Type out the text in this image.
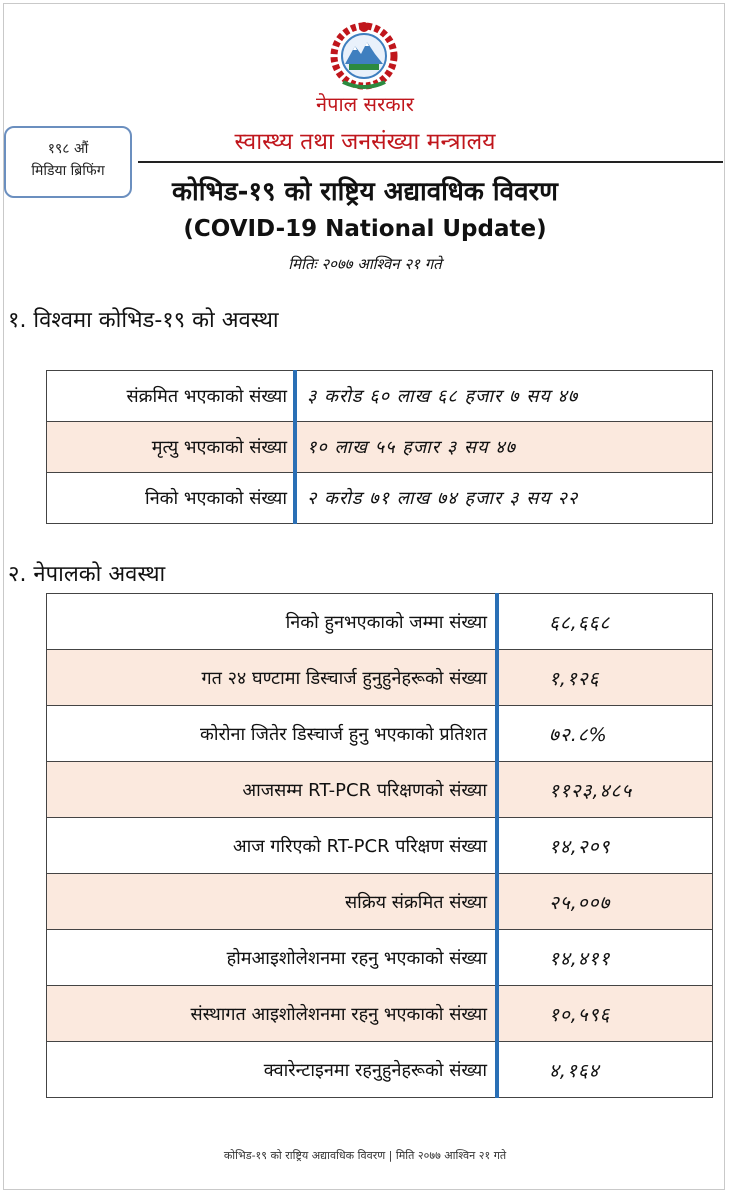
नेपाल सरकार
स्वास्थ्य तथा जनसंख्या मन्त्रालय
१९८ औं
मिडिया ब्रिफिंग
कोभिड-१९ को राष्ट्रिय अद्यावधिक विवरण
(COVID-19 National Update)
मितिः २०७७ आश्विन २१ गते
१. विश्वमा कोभिड-१९ को अवस्था
संक्रमित भएकाको संख्या	३ करोड ६० लाख ६८ हजार ७ सय ४७
मृत्यु भएकाको संख्या	१० लाख ५५ हजार ३ सय ४७
निको भएकाको संख्या	२ करोड ७१ लाख ७४ हजार ३ सय २२
२. नेपालको अवस्था
निको हुनभएकाको जम्मा संख्या	६८,६६८
गत २४ घण्टामा डिस्चार्ज हुनुहुनेहरूको संख्या	१,१२६
कोरोना जितेर डिस्चार्ज हुनु भएकाको प्रतिशत	७२.८%
आजसम्म RT-PCR परिक्षणको संख्या	११२३,४८५
आज गरिएको RT-PCR परिक्षण संख्या	१४,२०९
सक्रिय संक्रमित संख्या	२५,००७
होमआइशोलेशनमा रहनु भएकाको संख्या	१४,४११
संस्थागत आइशोलेशनमा रहनु भएकाको संख्या	१०,५९६
क्वारेन्टाइनमा रहनुहुनेहरूको संख्या	४,१६४
कोभिड-१९ को राष्ट्रिय अद्यावधिक विवरण | मिति २०७७ आश्विन २१ गते
